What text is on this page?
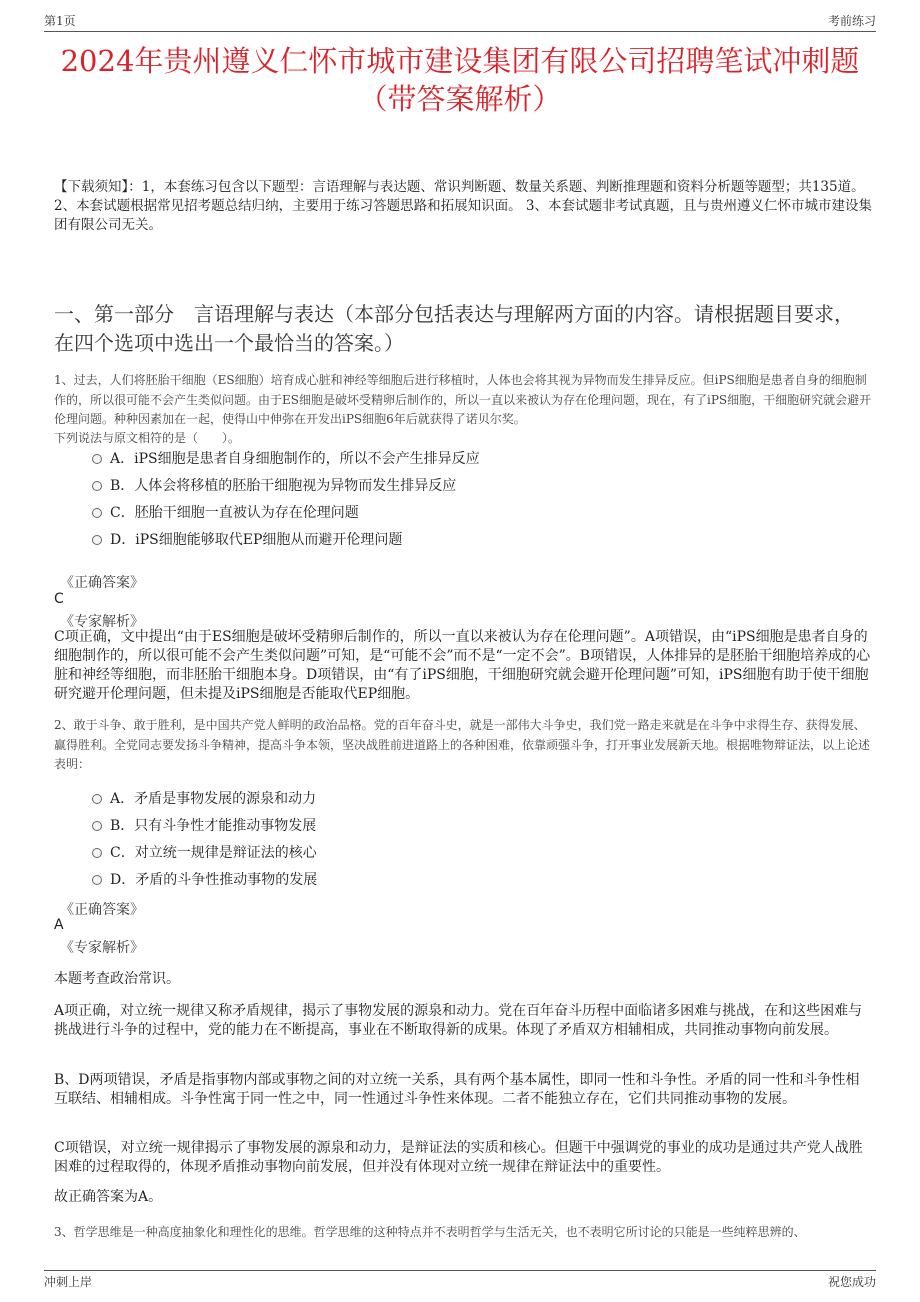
第1页	考前练习
2024年贵州遵义仁怀市城市建设集团有限公司招聘笔试冲刺题（带答案解析）
【下载须知】：1，本套练习包含以下题型：言语理解与表达题、常识判断题、数量关系题、判断推理题和资料分析题等题型；共135道。 2、本套试题根据常见招考题总结归纳，主要用于练习答题思路和拓展知识面。 3、本套试题非考试真题，且与贵州遵义仁怀市城市建设集团有限公司无关。
一、第一部分　言语理解与表达（本部分包括表达与理解两方面的内容。请根据题目要求，在四个选项中选出一个最恰当的答案。）
1、过去，人们将胚胎干细胞（ES细胞）培育成心脏和神经等细胞后进行移植时，人体也会将其视为异物而发生排异反应。但iPS细胞是患者自身的细胞制作的，所以很可能不会产生类似问题。由于ES细胞是破坏受精卵后制作的，所以一直以来被认为存在伦理问题，现在，有了iPS细胞，干细胞研究就会避开伦理问题。种种因素加在一起，使得山中伸弥在开发出iPS细胞6年后就获得了诺贝尔奖。
下列说法与原文相符的是（　　）。
A．iPS细胞是患者自身细胞制作的，所以不会产生排异反应
B．人体会将移植的胚胎干细胞视为异物而发生排异反应
C．胚胎干细胞一直被认为存在伦理问题
D．iPS细胞能够取代EP细胞从而避开伦理问题
《正确答案》
C
《专家解析》
C项正确，文中提出“由于ES细胞是破坏受精卵后制作的，所以一直以来被认为存在伦理问题”。A项错误，由“iPS细胞是患者自身的细胞制作的，所以很可能不会产生类似问题”可知，是“可能不会”而不是“一定不会”。B项错误，人体排异的是胚胎干细胞培养成的心脏和神经等细胞，而非胚胎干细胞本身。D项错误，由“有了iPS细胞，干细胞研究就会避开伦理问题”可知，iPS细胞有助于使干细胞研究避开伦理问题，但未提及iPS细胞是否能取代EP细胞。
2、敢于斗争、敢于胜利，是中国共产党人鲜明的政治品格。党的百年奋斗史，就是一部伟大斗争史，我们党一路走来就是在斗争中求得生存、获得发展、赢得胜利。全党同志要发扬斗争精神，提高斗争本领，坚决战胜前进道路上的各种困难，依靠顽强斗争，打开事业发展新天地。根据唯物辩证法，以上论述表明：
A．矛盾是事物发展的源泉和动力
B．只有斗争性才能推动事物发展
C．对立统一规律是辩证法的核心
D．矛盾的斗争性推动事物的发展
《正确答案》
A
《专家解析》
本题考查政治常识。
A项正确，对立统一规律又称矛盾规律，揭示了事物发展的源泉和动力。党在百年奋斗历程中面临诸多困难与挑战，在和这些困难与挑战进行斗争的过程中，党的能力在不断提高，事业在不断取得新的成果。体现了矛盾双方相辅相成，共同推动事物向前发展。
B、D两项错误，矛盾是指事物内部或事物之间的对立统一关系，具有两个基本属性，即同一性和斗争性。矛盾的同一性和斗争性相互联结、相辅相成。斗争性寓于同一性之中，同一性通过斗争性来体现。二者不能独立存在，它们共同推动事物的发展。
C项错误，对立统一规律揭示了事物发展的源泉和动力，是辩证法的实质和核心。但题干中强调党的事业的成功是通过共产党人战胜困难的过程取得的，体现矛盾推动事物向前发展，但并没有体现对立统一规律在辩证法中的重要性。
故正确答案为A。
3、哲学思维是一种高度抽象化和理性化的思维。哲学思维的这种特点并不表明哲学与生活无关，也不表明它所讨论的只能是一些纯粹思辨的、
冲刺上岸	祝您成功
